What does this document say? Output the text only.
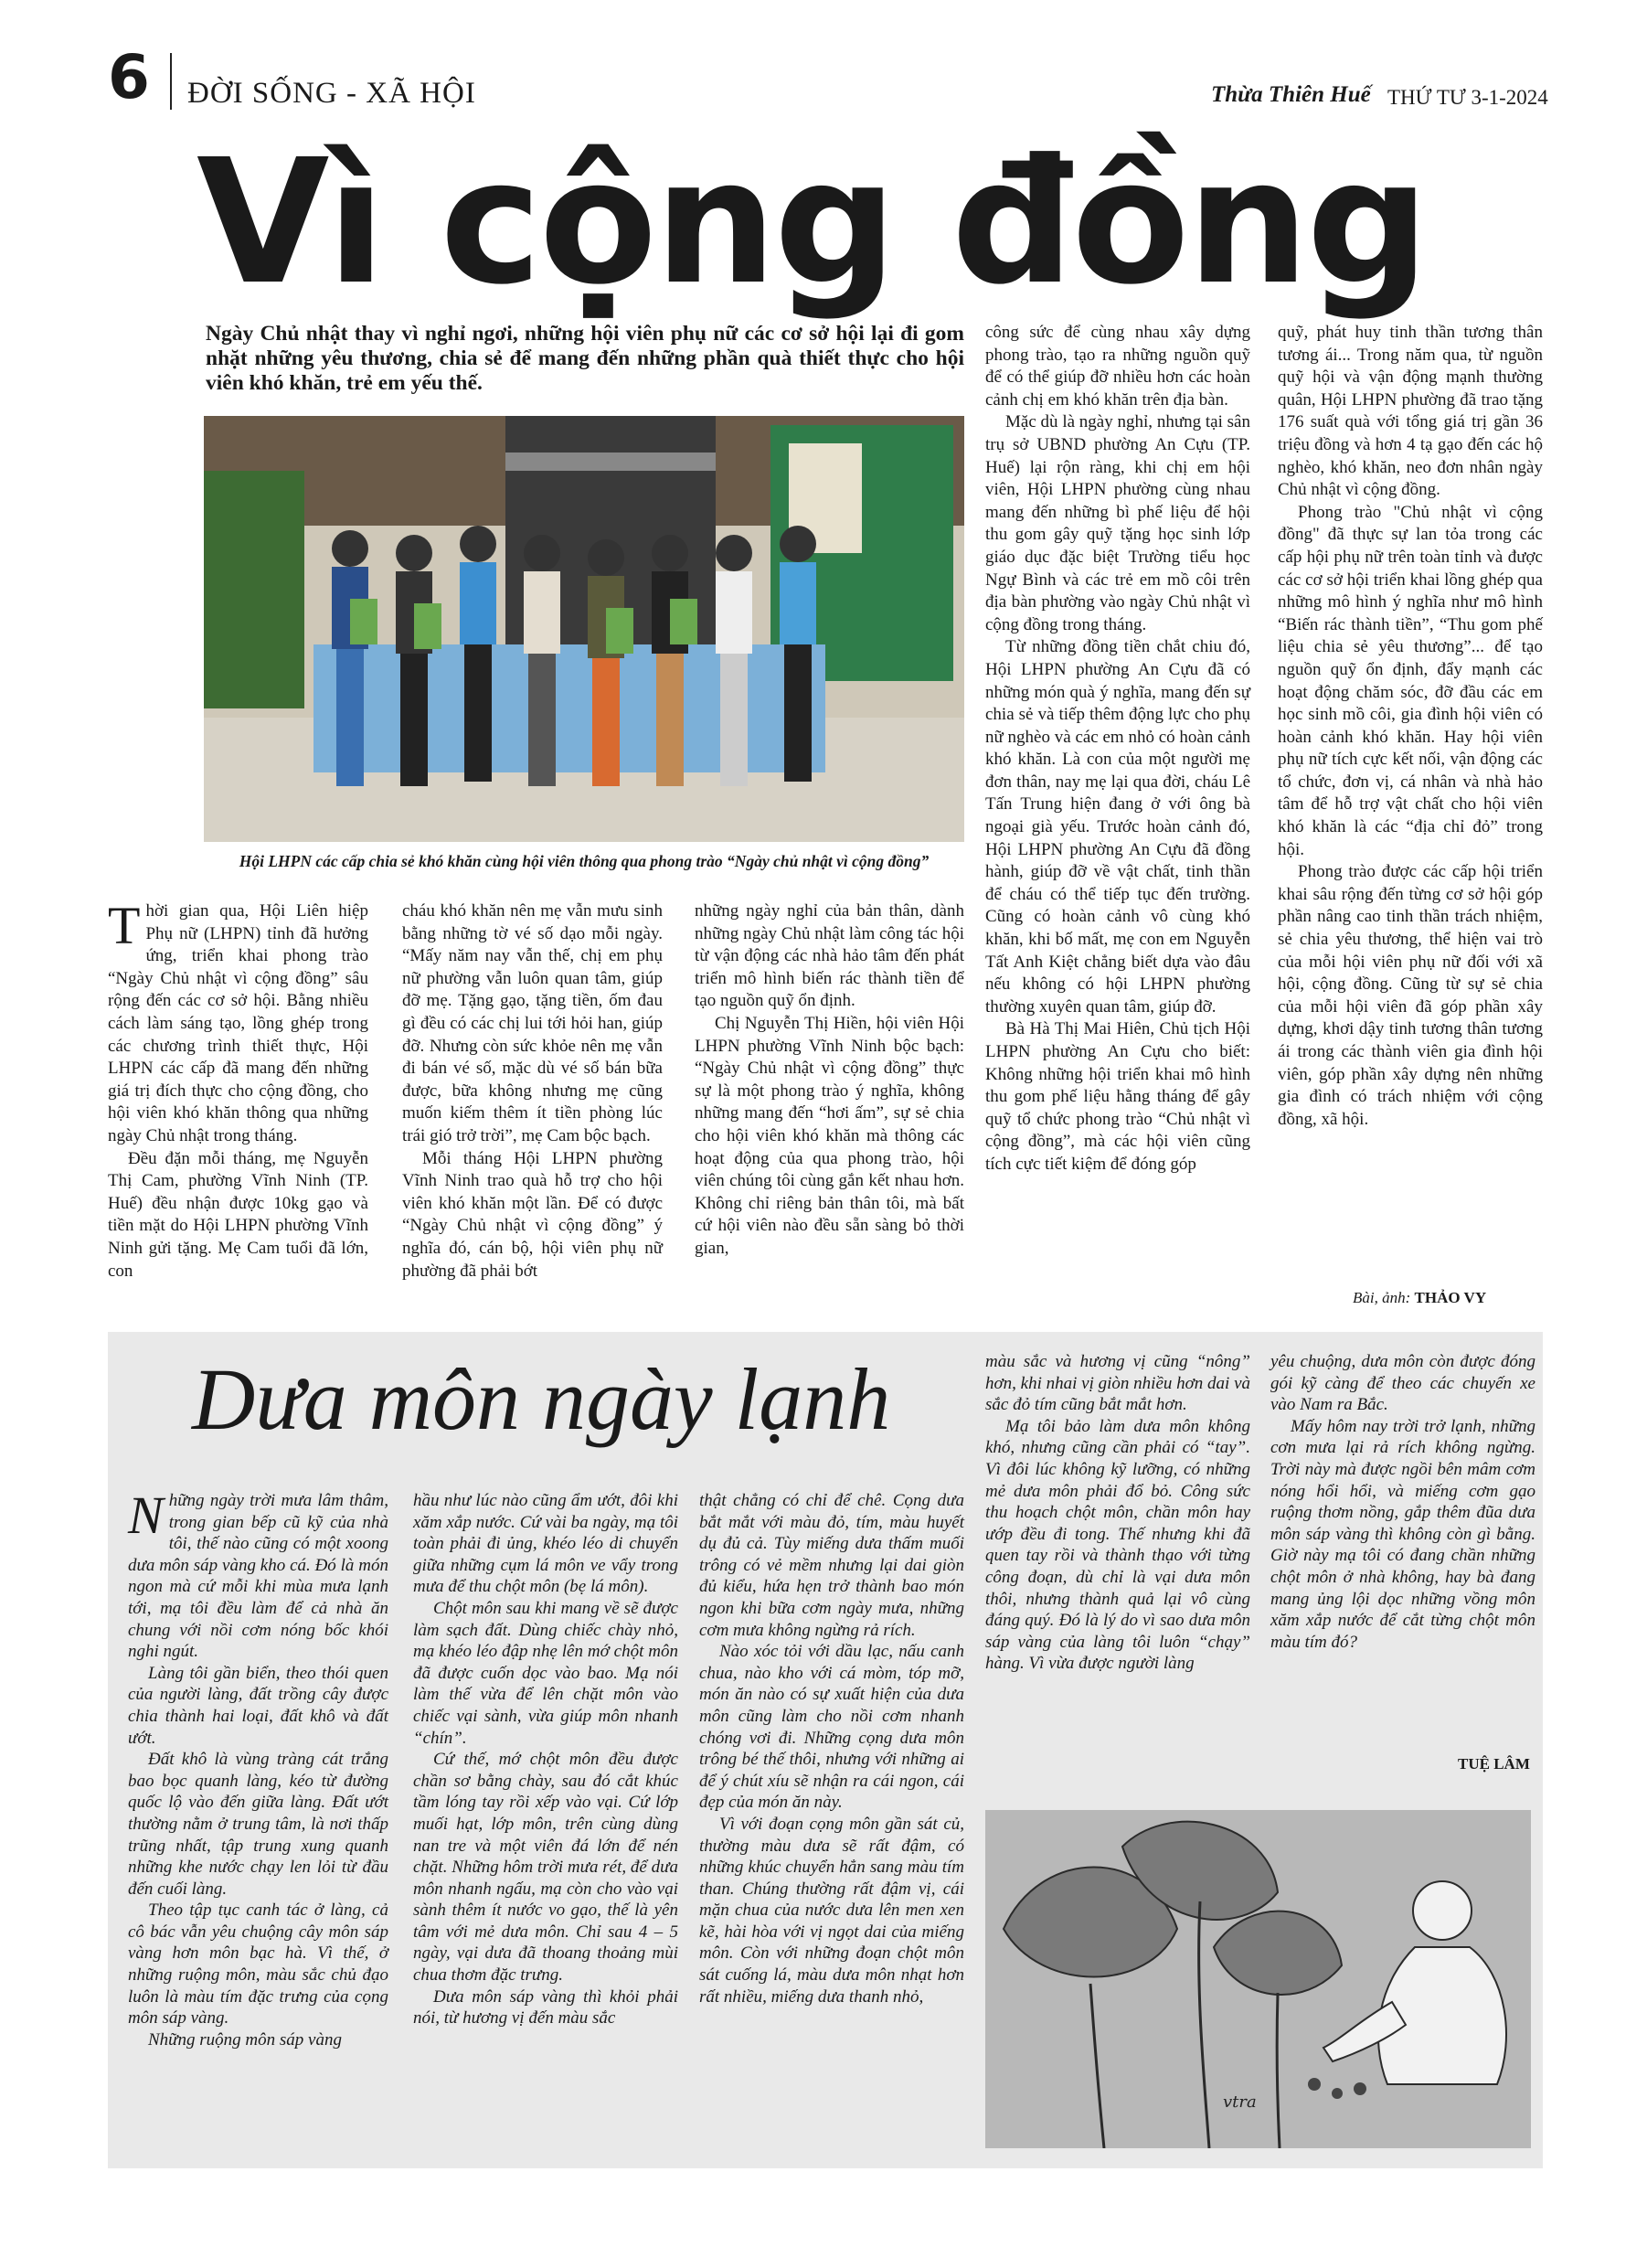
6 ĐỜI SỐNG - XÃ HỘI	Thừa Thiên Huế THỨ TƯ 3-1-2024
Vì cộng đồng
Ngày Chủ nhật thay vì nghỉ ngơi, những hội viên phụ nữ các cơ sở hội lại đi gom nhặt những yêu thương, chia sẻ để mang đến những phần quà thiết thực cho hội viên khó khăn, trẻ em yếu thế.
Hội LHPN các cấp chia sẻ khó khăn cùng hội viên thông qua phong trào “Ngày chủ nhật vì cộng đồng”

Thời gian qua, Hội Liên hiệp Phụ nữ (LHPN) tỉnh đã hưởng ứng, triển khai phong trào “Ngày Chủ nhật vì cộng đồng” sâu rộng đến các cơ sở hội. Bằng nhiều cách làm sáng tạo, lồng ghép trong các chương trình thiết thực, Hội LHPN các cấp đã mang đến những giá trị đích thực cho cộng đồng, cho hội viên khó khăn thông qua những ngày Chủ nhật trong tháng.

Đều đặn mỗi tháng, mẹ Nguyễn Thị Cam, phường Vĩnh Ninh (TP. Huế) đều nhận được 10kg gạo và tiền mặt do Hội LHPN phường Vĩnh Ninh gửi tặng. Mẹ Cam tuổi đã lớn, con

cháu khó khăn nên mẹ vẫn mưu sinh bằng những tờ vé số dạo mỗi ngày. “Mấy năm nay vẫn thế, chị em phụ nữ phường vẫn luôn quan tâm, giúp đỡ mẹ. Tặng gạo, tặng tiền, ốm đau gì đều có các chị lui tới hỏi han, giúp đỡ. Nhưng còn sức khỏe nên mẹ vẫn đi bán vé số, mặc dù vé số bán bữa được, bữa không nhưng mẹ cũng muốn kiếm thêm ít tiền phòng lúc trái gió trở trời”, mẹ Cam bộc bạch.

Mỗi tháng Hội LHPN phường Vĩnh Ninh trao quà hỗ trợ cho hội viên khó khăn một lần. Để có được “Ngày Chủ nhật vì cộng đồng” ý nghĩa đó, cán bộ, hội viên phụ nữ phường đã phải bớt

những ngày nghỉ của bản thân, dành những ngày Chủ nhật làm công tác hội từ vận động các nhà hảo tâm đến phát triển mô hình biến rác thành tiền để tạo nguồn quỹ ổn định.

Chị Nguyễn Thị Hiền, hội viên Hội LHPN phường Vĩnh Ninh bộc bạch: “Ngày Chủ nhật vì cộng đồng” thực sự là một phong trào ý nghĩa, không những mang đến “hơi ấm”, sự sẻ chia cho hội viên khó khăn mà thông các hoạt động của qua phong trào, hội viên chúng tôi cùng gắn kết nhau hơn. Không chỉ riêng bản thân tôi, mà bất cứ hội viên nào đều sẵn sàng bỏ thời gian,

công sức để cùng nhau xây dựng phong trào, tạo ra những nguồn quỹ để có thể giúp đỡ nhiều hơn các hoàn cảnh chị em khó khăn trên địa bàn.

Mặc dù là ngày nghỉ, nhưng tại sân trụ sở UBND phường An Cựu (TP. Huế) lại rộn ràng, khi chị em hội viên, Hội LHPN phường cùng nhau mang đến những bì phế liệu để hội thu gom gây quỹ tặng học sinh lớp giáo dục đặc biệt Trường tiểu học Ngự Bình và các trẻ em mồ côi trên địa bàn phường vào ngày Chủ nhật vì cộng đồng trong tháng.

Từ những đồng tiền chắt chiu đó, Hội LHPN phường An Cựu đã có những món quà ý nghĩa, mang đến sự chia sẻ và tiếp thêm động lực cho phụ nữ nghèo và các em nhỏ có hoàn cảnh khó khăn. Là con của một người mẹ đơn thân, nay mẹ lại qua đời, cháu Lê Tấn Trung hiện đang ở với ông bà ngoại già yếu. Trước hoàn cảnh đó, Hội LHPN phường An Cựu đã đồng hành, giúp đỡ về vật chất, tinh thần để cháu có thể tiếp tục đến trường. Cũng có hoàn cảnh vô cùng khó khăn, khi bố mất, mẹ con em Nguyễn Tất Anh Kiệt chẳng biết dựa vào đâu nếu không có hội LHPN phường thường xuyên quan tâm, giúp đỡ.

Bà Hà Thị Mai Hiên, Chủ tịch Hội LHPN phường An Cựu cho biết: Không những hội triển khai mô hình thu gom phế liệu hằng tháng để gây quỹ tổ chức phong trào “Chủ nhật vì cộng đồng”, mà các hội viên cũng tích cực tiết kiệm để đóng góp

quỹ, phát huy tinh thần tương thân tương ái... Trong năm qua, từ nguồn quỹ hội và vận động mạnh thường quân, Hội LHPN phường đã trao tặng 176 suất quà với tổng giá trị gần 36 triệu đồng và hơn 4 tạ gạo đến các hộ nghèo, khó khăn, neo đơn nhân ngày Chủ nhật vì cộng đồng.

Phong trào "Chủ nhật vì cộng đồng" đã thực sự lan tỏa trong các cấp hội phụ nữ trên toàn tỉnh và được các cơ sở hội triển khai lồng ghép qua những mô hình ý nghĩa như mô hình “Biến rác thành tiền”, “Thu gom phế liệu chia sẻ yêu thương”... để tạo nguồn quỹ ổn định, đẩy mạnh các hoạt động chăm sóc, đỡ đầu các em học sinh mồ côi, gia đình hội viên có hoàn cảnh khó khăn. Hay hội viên phụ nữ tích cực kết nối, vận động các tổ chức, đơn vị, cá nhân và nhà hảo tâm để hỗ trợ vật chất cho hội viên khó khăn là các “địa chỉ đỏ” trong hội.

Phong trào được các cấp hội triển khai sâu rộng đến từng cơ sở hội góp phần nâng cao tinh thần trách nhiệm, sẻ chia yêu thương, thể hiện vai trò của mỗi hội viên phụ nữ đối với xã hội, cộng đồng. Cũng từ sự sẻ chia của mỗi hội viên đã góp phần xây dựng, khơi dậy tinh tương thân tương ái trong các thành viên gia đình hội viên, góp phần xây dựng nên những gia đình có trách nhiệm với cộng đồng, xã hội.

Bài, ảnh: THẢO VY
Dưa môn ngày lạnh

Những ngày trời mưa lâm thâm, trong gian bếp cũ kỹ của nhà tôi, thế nào cũng có một xoong dưa môn sáp vàng kho cá. Đó là món ngon mà cứ mỗi khi mùa mưa lạnh tới, mạ tôi đều làm để cả nhà ăn chung với nồi cơm nóng bốc khói nghi ngút.

Làng tôi gần biển, theo thói quen của người làng, đất trồng cây được chia thành hai loại, đất khô và đất ướt.

Đất khô là vùng tràng cát trắng bao bọc quanh làng, kéo từ đường quốc lộ vào đến giữa làng. Đất ướt thường nằm ở trung tâm, là nơi thấp trũng nhất, tập trung xung quanh những khe nước chạy len lỏi từ đầu đến cuối làng.

Theo tập tục canh tác ở làng, cả cô bác vẫn yêu chuộng cây môn sáp vàng hơn môn bạc hà. Vì thế, ở những ruộng môn, màu sắc chủ đạo luôn là màu tím đặc trưng của cọng môn sáp vàng.

Những ruộng môn sáp vàng

hầu như lúc nào cũng ẩm ướt, đôi khi xăm xắp nước. Cứ vài ba ngày, mạ tôi toàn phải đi ủng, khéo léo di chuyển giữa những cụm lá môn ve vẩy trong mưa để thu chột môn (bẹ lá môn).

Chột môn sau khi mang về sẽ được làm sạch đất. Dùng chiếc chày nhỏ, mạ khéo léo đập nhẹ lên mớ chột môn đã được cuốn dọc vào bao. Mạ nói làm thế vừa để lên chặt môn vào chiếc vại sành, vừa giúp môn nhanh “chín”.

Cứ thế, mớ chột môn đều được chần sơ bằng chày, sau đó cắt khúc tầm lóng tay rồi xếp vào vại. Cứ lớp muối hạt, lớp môn, trên cùng dùng nan tre và một viên đá lớn để nén chặt. Những hôm trời mưa rét, để dưa môn nhanh ngấu, mạ còn cho vào vại sành thêm ít nước vo gạo, thế là yên tâm với mẻ dưa môn. Chỉ sau 4 – 5 ngày, vại dưa đã thoang thoảng mùi chua thơm đặc trưng.

Dưa môn sáp vàng thì khỏi phải nói, từ hương vị đến màu sắc

thật chẳng có chỉ để chê. Cọng dưa bắt mắt với màu đỏ, tím, màu huyết dụ đủ cả. Tùy miếng dưa thấm muối trông có vẻ mềm nhưng lại dai giòn đủ kiểu, hứa hẹn trở thành bao món ngon khi bữa cơm ngày mưa, những cơm mưa không ngừng rả rích.

Nào xóc tỏi với dầu lạc, nấu canh chua, nào kho với cá mòm, tóp mỡ, món ăn nào có sự xuất hiện của dưa môn cũng làm cho nồi cơm nhanh chóng vơi đi. Những cọng dưa môn trông bé thế thôi, nhưng với những ai để ý chút xíu sẽ nhận ra cái ngon, cái đẹp của món ăn này.

Vì với đoạn cọng môn gần sát củ, thường màu dưa sẽ rất đậm, có những khúc chuyển hẳn sang màu tím than. Chúng thường rất đậm vị, cái mặn chua của nước dưa lên men xen kẽ, hài hòa với vị ngọt dai của miếng môn. Còn với những đoạn chột môn sát cuống lá, màu dưa môn nhạt hơn rất nhiều, miếng dưa thanh nhỏ,

màu sắc và hương vị cũng “nông” hơn, khi nhai vị giòn nhiều hơn dai và sắc đỏ tím cũng bắt mắt hơn.

Mạ tôi bảo làm dưa môn không khó, nhưng cũng cần phải có “tay”. Vì đôi lúc không kỹ lưỡng, có những mẻ dưa môn phải đổ bỏ. Công sức thu hoạch chột môn, chần môn hay ướp đều đi tong. Thế nhưng khi đã quen tay rồi và thành thạo với từng công đoạn, dù chỉ là vại dưa môn thôi, nhưng thành quả lại vô cùng đáng quý. Đó là lý do vì sao dưa môn sáp vàng của làng tôi luôn “chạy” hàng. Vì vừa được người làng

yêu chuộng, dưa môn còn được đóng gói kỹ càng để theo các chuyến xe vào Nam ra Bắc.

Mấy hôm nay trời trở lạnh, những cơn mưa lại rả rích không ngừng. Trời này mà được ngồi bên mâm cơm nóng hổi hổi, và miếng cơm gạo ruộng thơm nồng, gắp thêm đũa dưa môn sáp vàng thì không còn gì bằng. Giờ này mạ tôi có đang chần những chột môn ở nhà không, hay bà đang mang ủng lội dọc những vồng môn xăm xắp nước để cắt từng chột môn màu tím đó?

TUỆ LÂM
vtra
